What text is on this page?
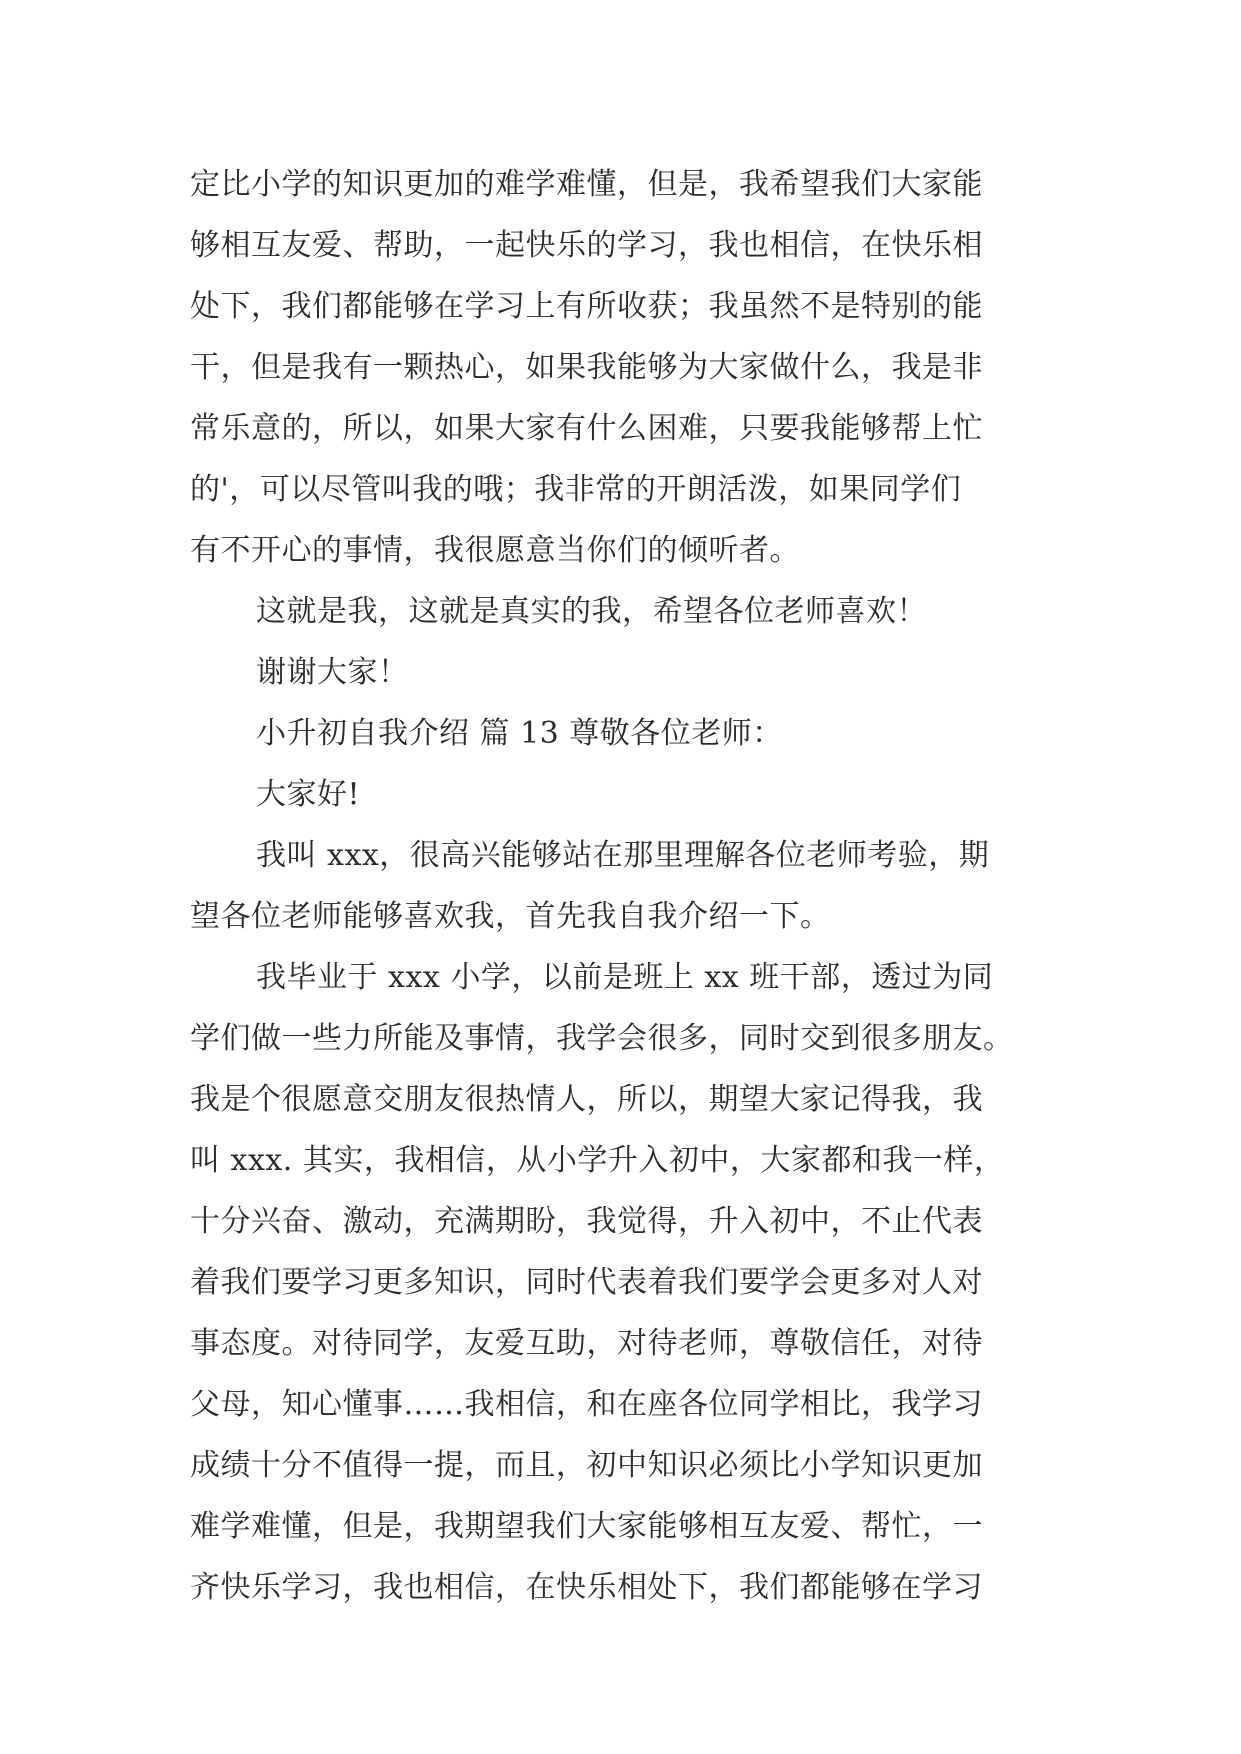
定比小学的知识更加的难学难懂，但是，我希望我们大家能
够相互友爱、帮助，一起快乐的学习，我也相信，在快乐相
处下，我们都能够在学习上有所收获；我虽然不是特别的能
干，但是我有一颗热心，如果我能够为大家做什么，我是非
常乐意的，所以，如果大家有什么困难，只要我能够帮上忙
的'，可以尽管叫我的哦；我非常的开朗活泼，如果同学们
有不开心的事情，我很愿意当你们的倾听者。
这就是我，这就是真实的我，希望各位老师喜欢！
谢谢大家！
小升初自我介绍 篇 13 尊敬各位老师：
大家好!
我叫 xxx，很高兴能够站在那里理解各位老师考验，期
望各位老师能够喜欢我，首先我自我介绍一下。
我毕业于 xxx 小学，以前是班上 xx 班干部，透过为同
学们做一些力所能及事情，我学会很多，同时交到很多朋友。
我是个很愿意交朋友很热情人，所以，期望大家记得我，我
叫 xxx. 其实，我相信，从小学升入初中，大家都和我一样，
十分兴奋、激动，充满期盼，我觉得，升入初中，不止代表
着我们要学习更多知识，同时代表着我们要学会更多对人对
事态度。对待同学，友爱互助，对待老师，尊敬信任，对待
父母，知心懂事……我相信，和在座各位同学相比，我学习
成绩十分不值得一提，而且，初中知识必须比小学知识更加
难学难懂，但是，我期望我们大家能够相互友爱、帮忙，一
齐快乐学习，我也相信，在快乐相处下，我们都能够在学习
